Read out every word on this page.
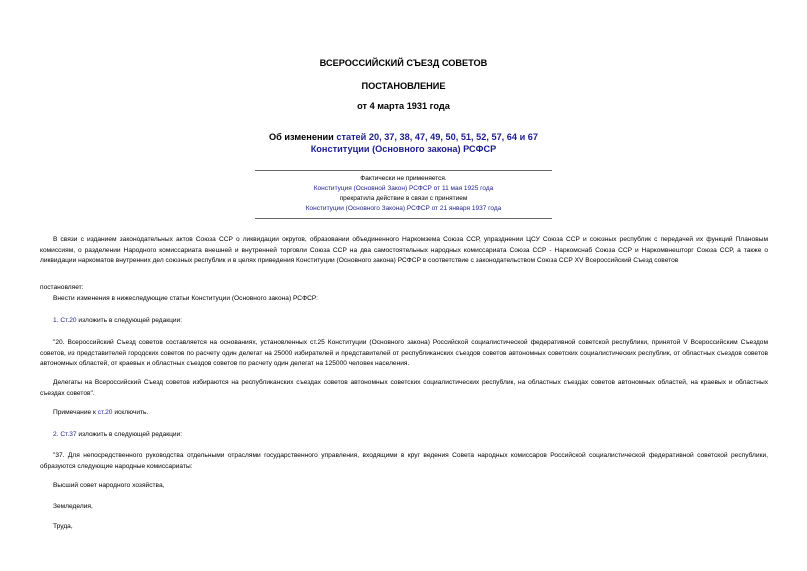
ВСЕРОССИЙСКИЙ СЪЕЗД СОВЕТОВ
ПОСТАНОВЛЕНИЕ
от 4 марта 1931 года
Об изменении статей 20, 37, 38, 47, 49, 50, 51, 52, 57, 64 и 67
Конституции (Основного закона) РСФСР
Фактически не применяется.
Конституция (Основной Закон) РСФСР от 11 мая 1925 года
прекратила действие в связи с принятием
Конституции (Основного Закона) РСФСР от 21 января 1937 года
В связи с изданием законодательных актов Союза ССР о ликвидации округов, образовании объединенного Наркомзема Союза ССР, упразднении ЦСУ Союза ССР и союзных республик с передачей их функций Плановым комиссиям, о разделении Народного комиссариата внешней и внутренней торговли Союза ССР на два самостоятельных народных комиссариата Союза ССР - Наркомснаб Союза ССР и Наркомвнешторг Союза ССР, а также о ликвидации наркоматов внутренних дел союзных республик и в целях приведения Конституции (Основного закона) РСФСР в соответствие с законодательством Союза ССР XV Всероссийский Съезд советов
постановляет:
Внести изменения в нижеследующие статьи Конституции (Основного закона) РСФСР:
1. Ст.20 изложить в следующей редакции:
"20. Всероссийский Съезд советов составляется на основаниях, установленных ст.25 Конституции (Основного закона) Российской социалистической федеративной советской республики, принятой V Всероссийским Съездом советов, из представителей городских советов по расчету один делегат на 25000 избирателей и представителей от республиканских съездов советов автономных советских социалистических республик, от областных съездов советов автономных областей, от краевых и областных съездов советов по расчету один делегат на 125000 человек населения.
Делегаты на Всероссийский Съезд советов избираются на республиканских съездах советов автономных советских социалистических республик, на областных съездах советов автономных областей, на краевых и областных съездах советов".
Примечание к ст.20 исключить.
2. Ст.37 изложить в следующей редакции:
"37. Для непосредственного руководства отдельными отраслями государственного управления, входящими в круг ведения Совета народных комиссаров Российской социалистической федеративной советской республики, образуются следующие народные комиссариаты:
Высший совет народного хозяйства,
Земледелия,
Труда,
